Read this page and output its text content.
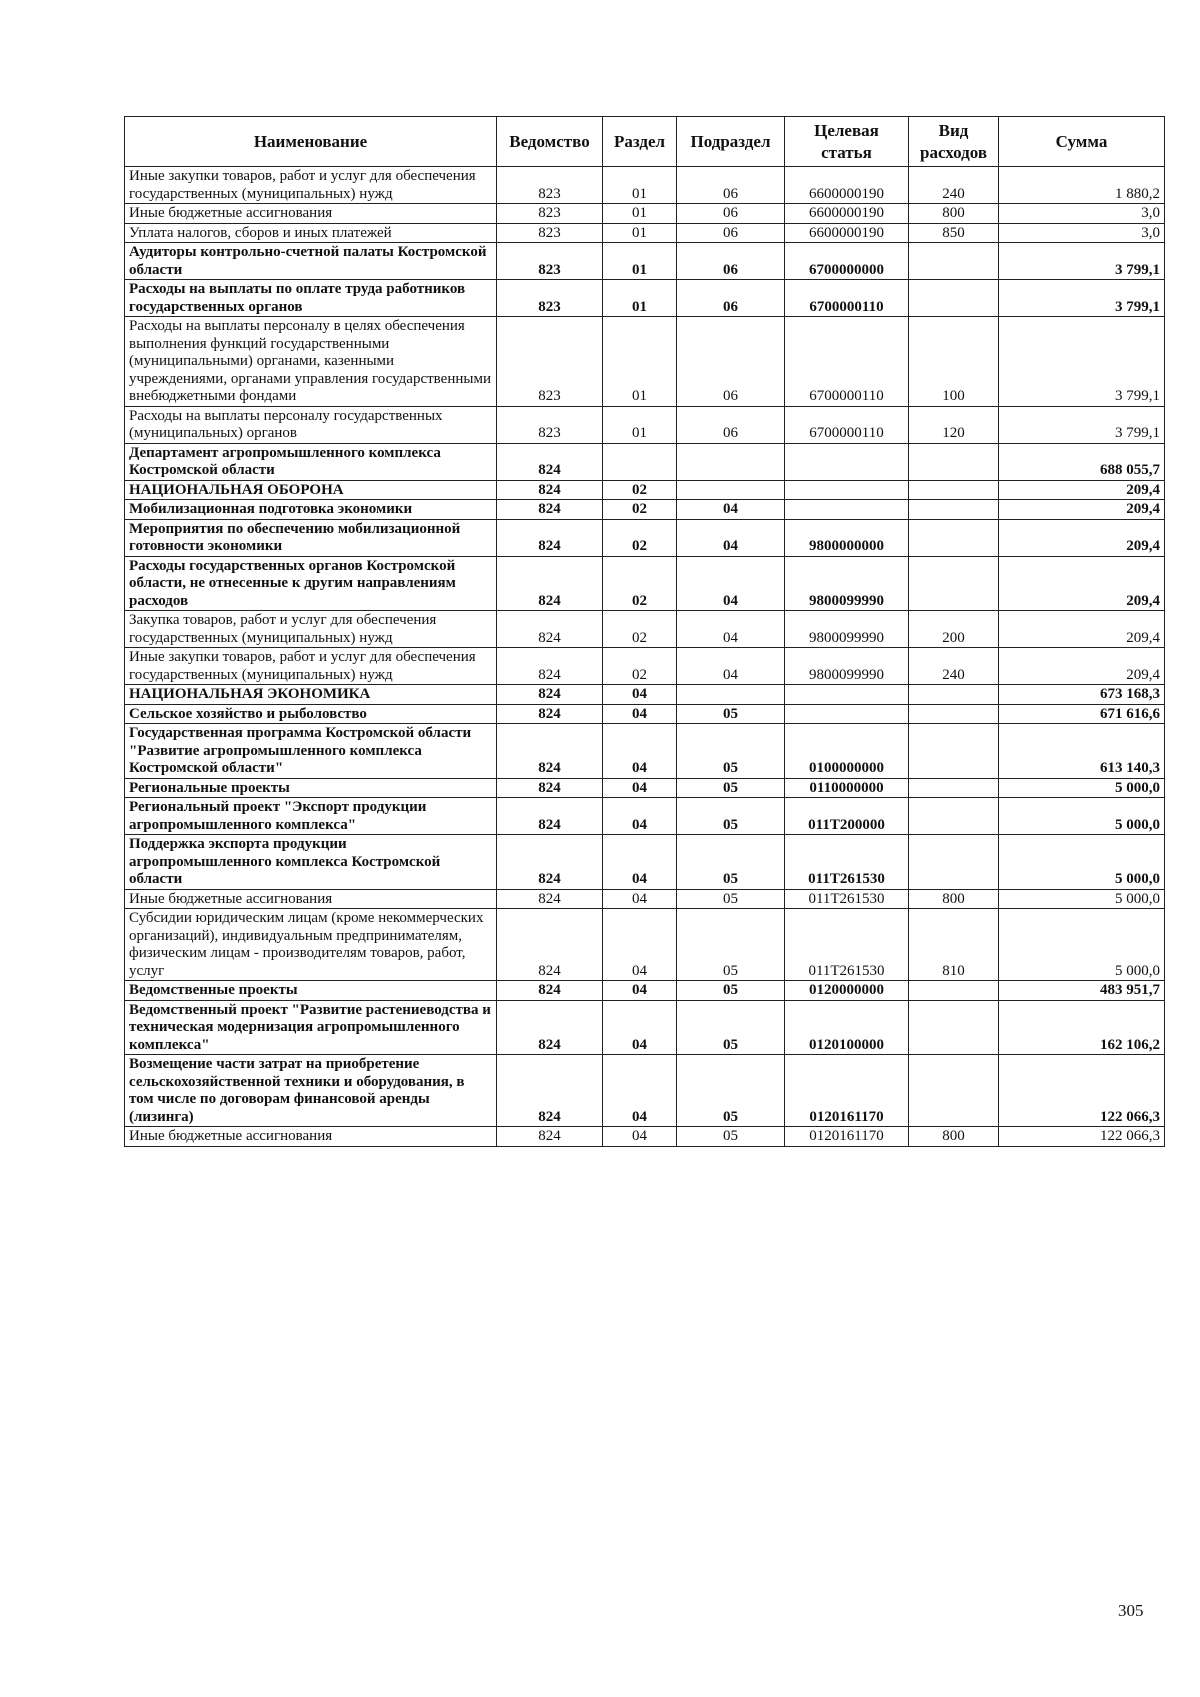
Наименование	Ведомство	Раздел	Подраздел	Целевая статья	Вид расходов	Сумма
Иные закупки товаров, работ и услуг для обеспечения государственных (муниципальных) нужд	823	01	06	6600000190	240	1 880,2
Иные бюджетные ассигнования	823	01	06	6600000190	800	3,0
Уплата налогов, сборов и иных платежей	823	01	06	6600000190	850	3,0
Аудиторы контрольно-счетной палаты Костромской области	823	01	06	6700000000		3 799,1
Расходы на выплаты по оплате труда работников государственных органов	823	01	06	6700000110		3 799,1
Расходы на выплаты персоналу в целях обеспечения выполнения функций государственными (муниципальными) органами, казенными учреждениями, органами управления государственными внебюджетными фондами	823	01	06	6700000110	100	3 799,1
Расходы на выплаты персоналу государственных (муниципальных) органов	823	01	06	6700000110	120	3 799,1
Департамент агропромышленного комплекса Костромской области	824					688 055,7
НАЦИОНАЛЬНАЯ ОБОРОНА	824	02				209,4
Мобилизационная подготовка экономики	824	02	04			209,4
Мероприятия по обеспечению мобилизационной готовности экономики	824	02	04	9800000000		209,4
Расходы государственных органов Костромской области, не отнесенные к другим направлениям расходов	824	02	04	9800099990		209,4
Закупка товаров, работ и услуг для обеспечения государственных (муниципальных) нужд	824	02	04	9800099990	200	209,4
Иные закупки товаров, работ и услуг для обеспечения государственных (муниципальных) нужд	824	02	04	9800099990	240	209,4
НАЦИОНАЛЬНАЯ ЭКОНОМИКА	824	04				673 168,3
Сельское хозяйство и рыболовство	824	04	05			671 616,6
Государственная программа Костромской области "Развитие агропромышленного комплекса Костромской области"	824	04	05	0100000000		613 140,3
Региональные проекты	824	04	05	0110000000		5 000,0
Региональный проект "Экспорт продукции агропромышленного комплекса"	824	04	05	011Т200000		5 000,0
Поддержка экспорта продукции агропромышленного комплекса Костромской области	824	04	05	011Т261530		5 000,0
Иные бюджетные ассигнования	824	04	05	011Т261530	800	5 000,0
Субсидии юридическим лицам (кроме некоммерческих организаций), индивидуальным предпринимателям, физическим лицам - производителям товаров, работ, услуг	824	04	05	011Т261530	810	5 000,0
Ведомственные проекты	824	04	05	0120000000		483 951,7
Ведомственный проект "Развитие растениеводства и техническая модернизация агропромышленного комплекса"	824	04	05	0120100000		162 106,2
Возмещение части затрат на приобретение сельскохозяйственной техники и оборудования, в том числе по договорам финансовой аренды (лизинга)	824	04	05	0120161170		122 066,3
Иные бюджетные ассигнования	824	04	05	0120161170	800	122 066,3
305
